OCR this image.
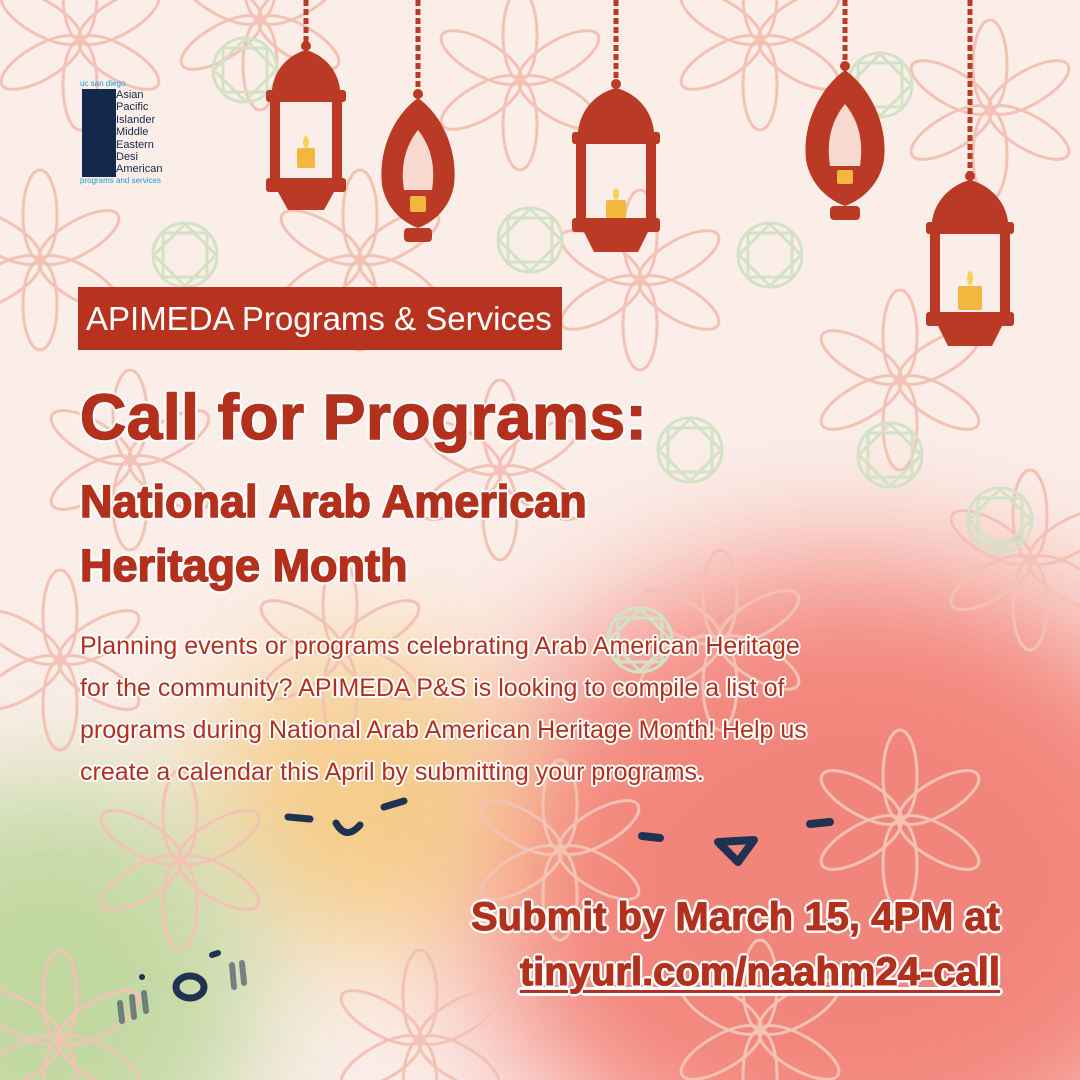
uc san diego
Asian
Pacific
Islander
Middle
Eastern
Desi
American
programs and services
APIMEDA Programs & Services
Call for Programs:
National Arab American
Heritage Month
Planning events or programs celebrating Arab American Heritage
for the community? APIMEDA P&S is looking to compile a list of
programs during National Arab American Heritage Month! Help us
create a calendar this April by submitting your programs.
Submit by March 15, 4PM at
tinyurl.com/naahm24-call
